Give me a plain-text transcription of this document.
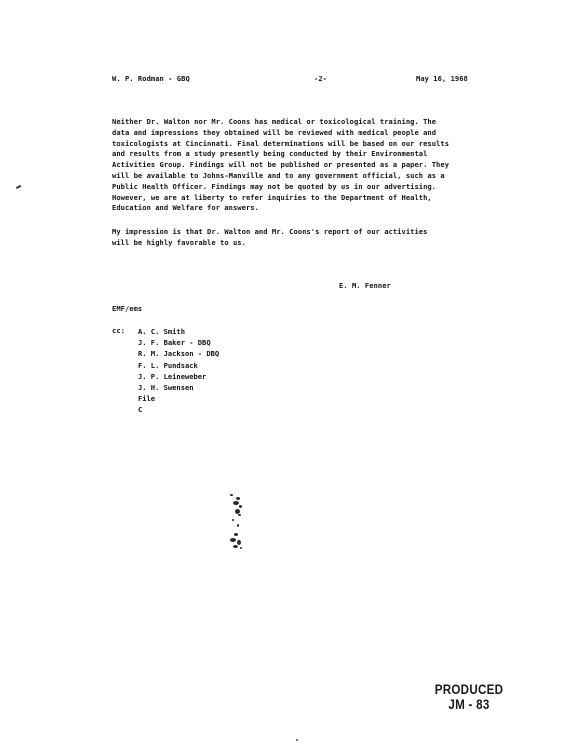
W. P. Rodman - GBQ	-2-	May 16, 1968
Neither Dr. Walton nor Mr. Coons has medical or toxicological training. The
data and impressions they obtained will be reviewed with medical people and
toxicologists at Cincinnati. Final determinations will be based on our results
and results from a study presently being conducted by their Environmental
Activities Group. Findings will not be published or presented as a paper. They
will be available to Johns-Manville and to any government official, such as a
Public Health Officer. Findings may not be quoted by us in our advertising.
However, we are at liberty to refer inquiries to the Department of Health,
Education and Welfare for answers.
My impression is that Dr. Walton and Mr. Coons's report of our activities
will be highly favorable to us.
E. M. Fenner
EMF/ems
cc: A. C. Smith
J. F. Baker - DBQ
R. M. Jackson - DBQ
F. L. Pundsack
J. P. Leineweber
J. H. Swensen
File
C
PRODUCED
JM - 83
